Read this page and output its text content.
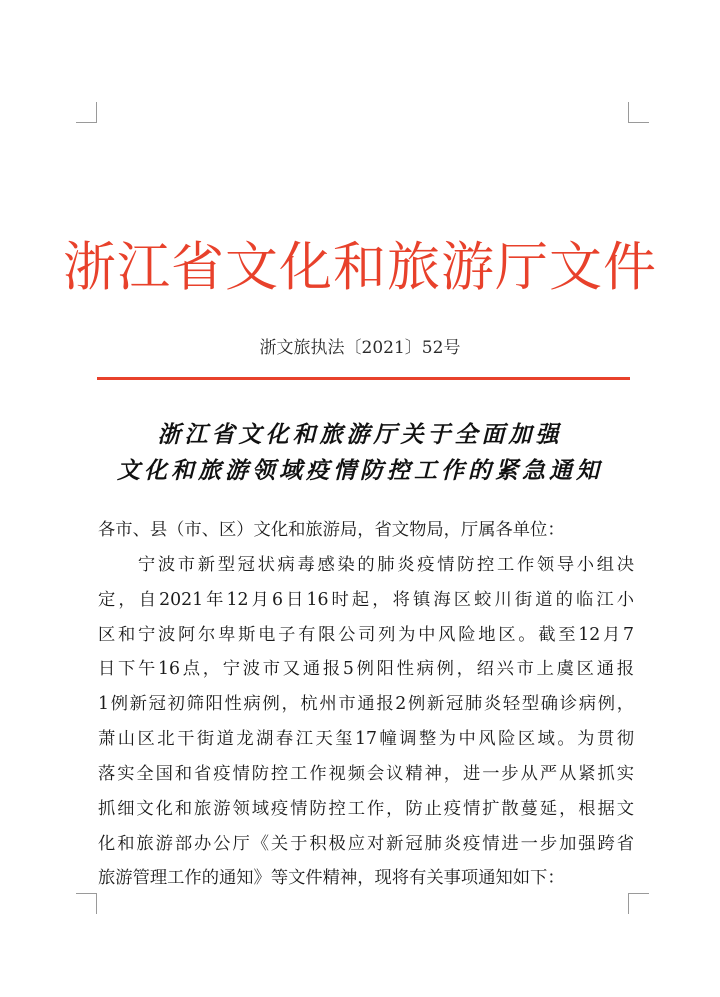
浙江省文化和旅游厅文件
浙文旅执法〔2021〕52号
浙江省文化和旅游厅关于全面加强
文化和旅游领域疫情防控工作的紧急通知
各市、县（市、区）文化和旅游局，省文物局，厅属各单位：
　　宁波市新型冠状病毒感染的肺炎疫情防控工作领导小组决
定，自2021年12月6日16时起，将镇海区蛟川街道的临江小
区和宁波阿尔卑斯电子有限公司列为中风险地区。截至12月7
日下午16点，宁波市又通报5例阳性病例，绍兴市上虞区通报
1例新冠初筛阳性病例，杭州市通报2例新冠肺炎轻型确诊病例，
萧山区北干街道龙湖春江天玺17幢调整为中风险区域。为贯彻
落实全国和省疫情防控工作视频会议精神，进一步从严从紧抓实
抓细文化和旅游领域疫情防控工作，防止疫情扩散蔓延，根据文
化和旅游部办公厅《关于积极应对新冠肺炎疫情进一步加强跨省
旅游管理工作的通知》等文件精神，现将有关事项通知如下：
